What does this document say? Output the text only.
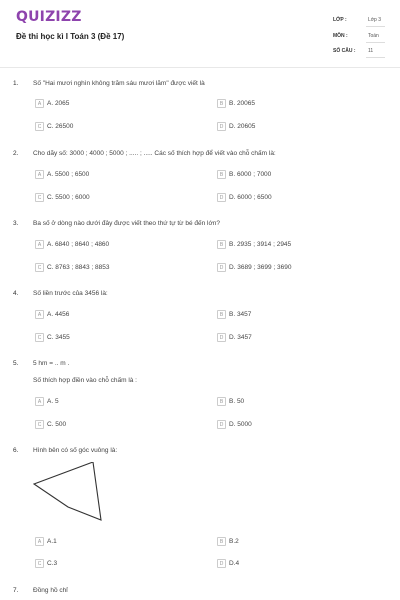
QUIZIZZ
Đề thi học kì I Toán 3 (Đề 17)
LỚP :	Lớp 3
MÔN :	Toán
SỐ CÂU :	11
1. Số "Hai mươi nghìn không trăm sáu mươi lăm" được viết là
A A. 2065	B B. 20065
C C. 26500	D D. 20605
2. Cho dãy số: 3000 ; 4000 ; 5000 ; ..... ; ..... Các số thích hợp để viết vào chỗ chấm là:
A A. 5500 ; 6500	B B. 6000 ; 7000
C C. 5500 ; 6000	D D. 6000 ; 6500
3. Ba số ở dòng nào dưới đây được viết theo thứ tự từ bé đến lớn?
A A. 6840 ; 8640 ; 4860	B B. 2935 ; 3914 ; 2945
C C. 8763 ; 8843 ; 8853	D D. 3689 ; 3699 ; 3690
4. Số liền trước của 3456 là:
A A. 4456	B B. 3457
C C. 3455	D D. 3457
5. 5 hm = .. m .
Số thích hợp điền vào chỗ chấm là :
A A. 5	B B. 50
C C. 500	D D. 5000
6. Hình bên có số góc vuông là:
A A.1	B B.2
C C.3	D D.4
7. Đồng hồ chỉ
